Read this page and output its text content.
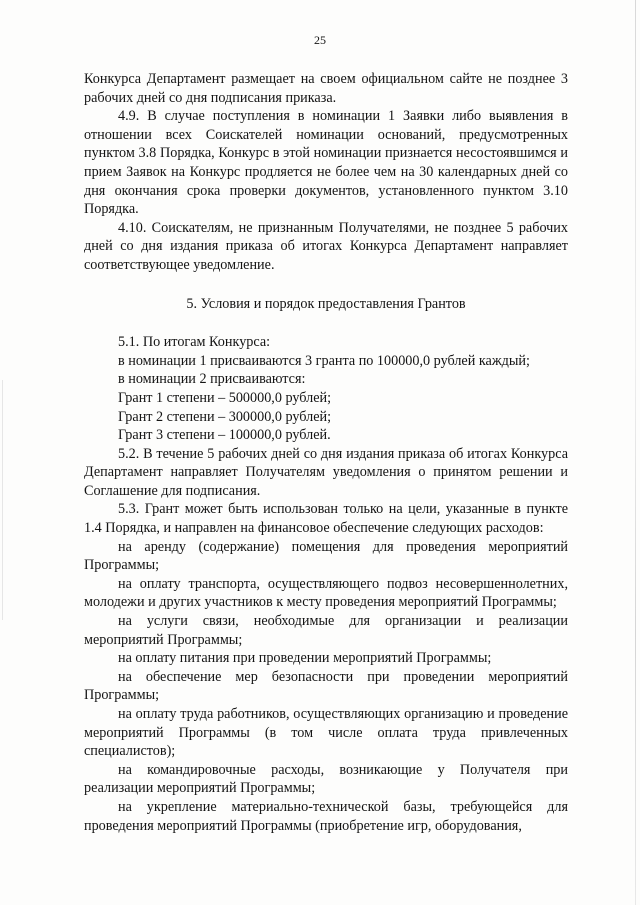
25

Конкурса Департамент размещает на своем официальном сайте не позднее 3 рабочих дней со дня подписания приказа.

4.9. В случае поступления в номинации 1 Заявки либо выявления в отношении всех Соискателей номинации оснований, предусмотренных пунктом 3.8 Порядка, Конкурс в этой номинации признается несостоявшимся и прием Заявок на Конкурс продляется не более чем на 30 календарных дней со дня окончания срока проверки документов, установленного пунктом 3.10 Порядка.

4.10. Соискателям, не признанным Получателями, не позднее 5 рабочих дней со дня издания приказа об итогах Конкурса Департамент направляет соответствующее уведомление.

5. Условия и порядок предоставления Грантов

5.1. По итогам Конкурса:

в номинации 1 присваиваются 3 гранта по 100000,0 рублей каждый;

в номинации 2 присваиваются:

Грант 1 степени – 500000,0 рублей;

Грант 2 степени – 300000,0 рублей;

Грант 3 степени – 100000,0 рублей.

5.2. В течение 5 рабочих дней со дня издания приказа об итогах Конкурса Департамент направляет Получателям уведомления о принятом решении и Соглашение для подписания.

5.3. Грант может быть использован только на цели, указанные в пункте 1.4 Порядка, и направлен на финансовое обеспечение следующих расходов:

на аренду (содержание) помещения для проведения мероприятий Программы;

на оплату транспорта, осуществляющего подвоз несовершеннолетних, молодежи и других участников к месту проведения мероприятий Программы;

на услуги связи, необходимые для организации и реализации мероприятий Программы;

на оплату питания при проведении мероприятий Программы;

на обеспечение мер безопасности при проведении мероприятий Программы;

на оплату труда работников, осуществляющих организацию и проведение мероприятий Программы (в том числе оплата труда привлеченных специалистов);

на командировочные расходы, возникающие у Получателя при реализации мероприятий Программы;

на укрепление материально-технической базы, требующейся для проведения мероприятий Программы (приобретение игр, оборудования,
